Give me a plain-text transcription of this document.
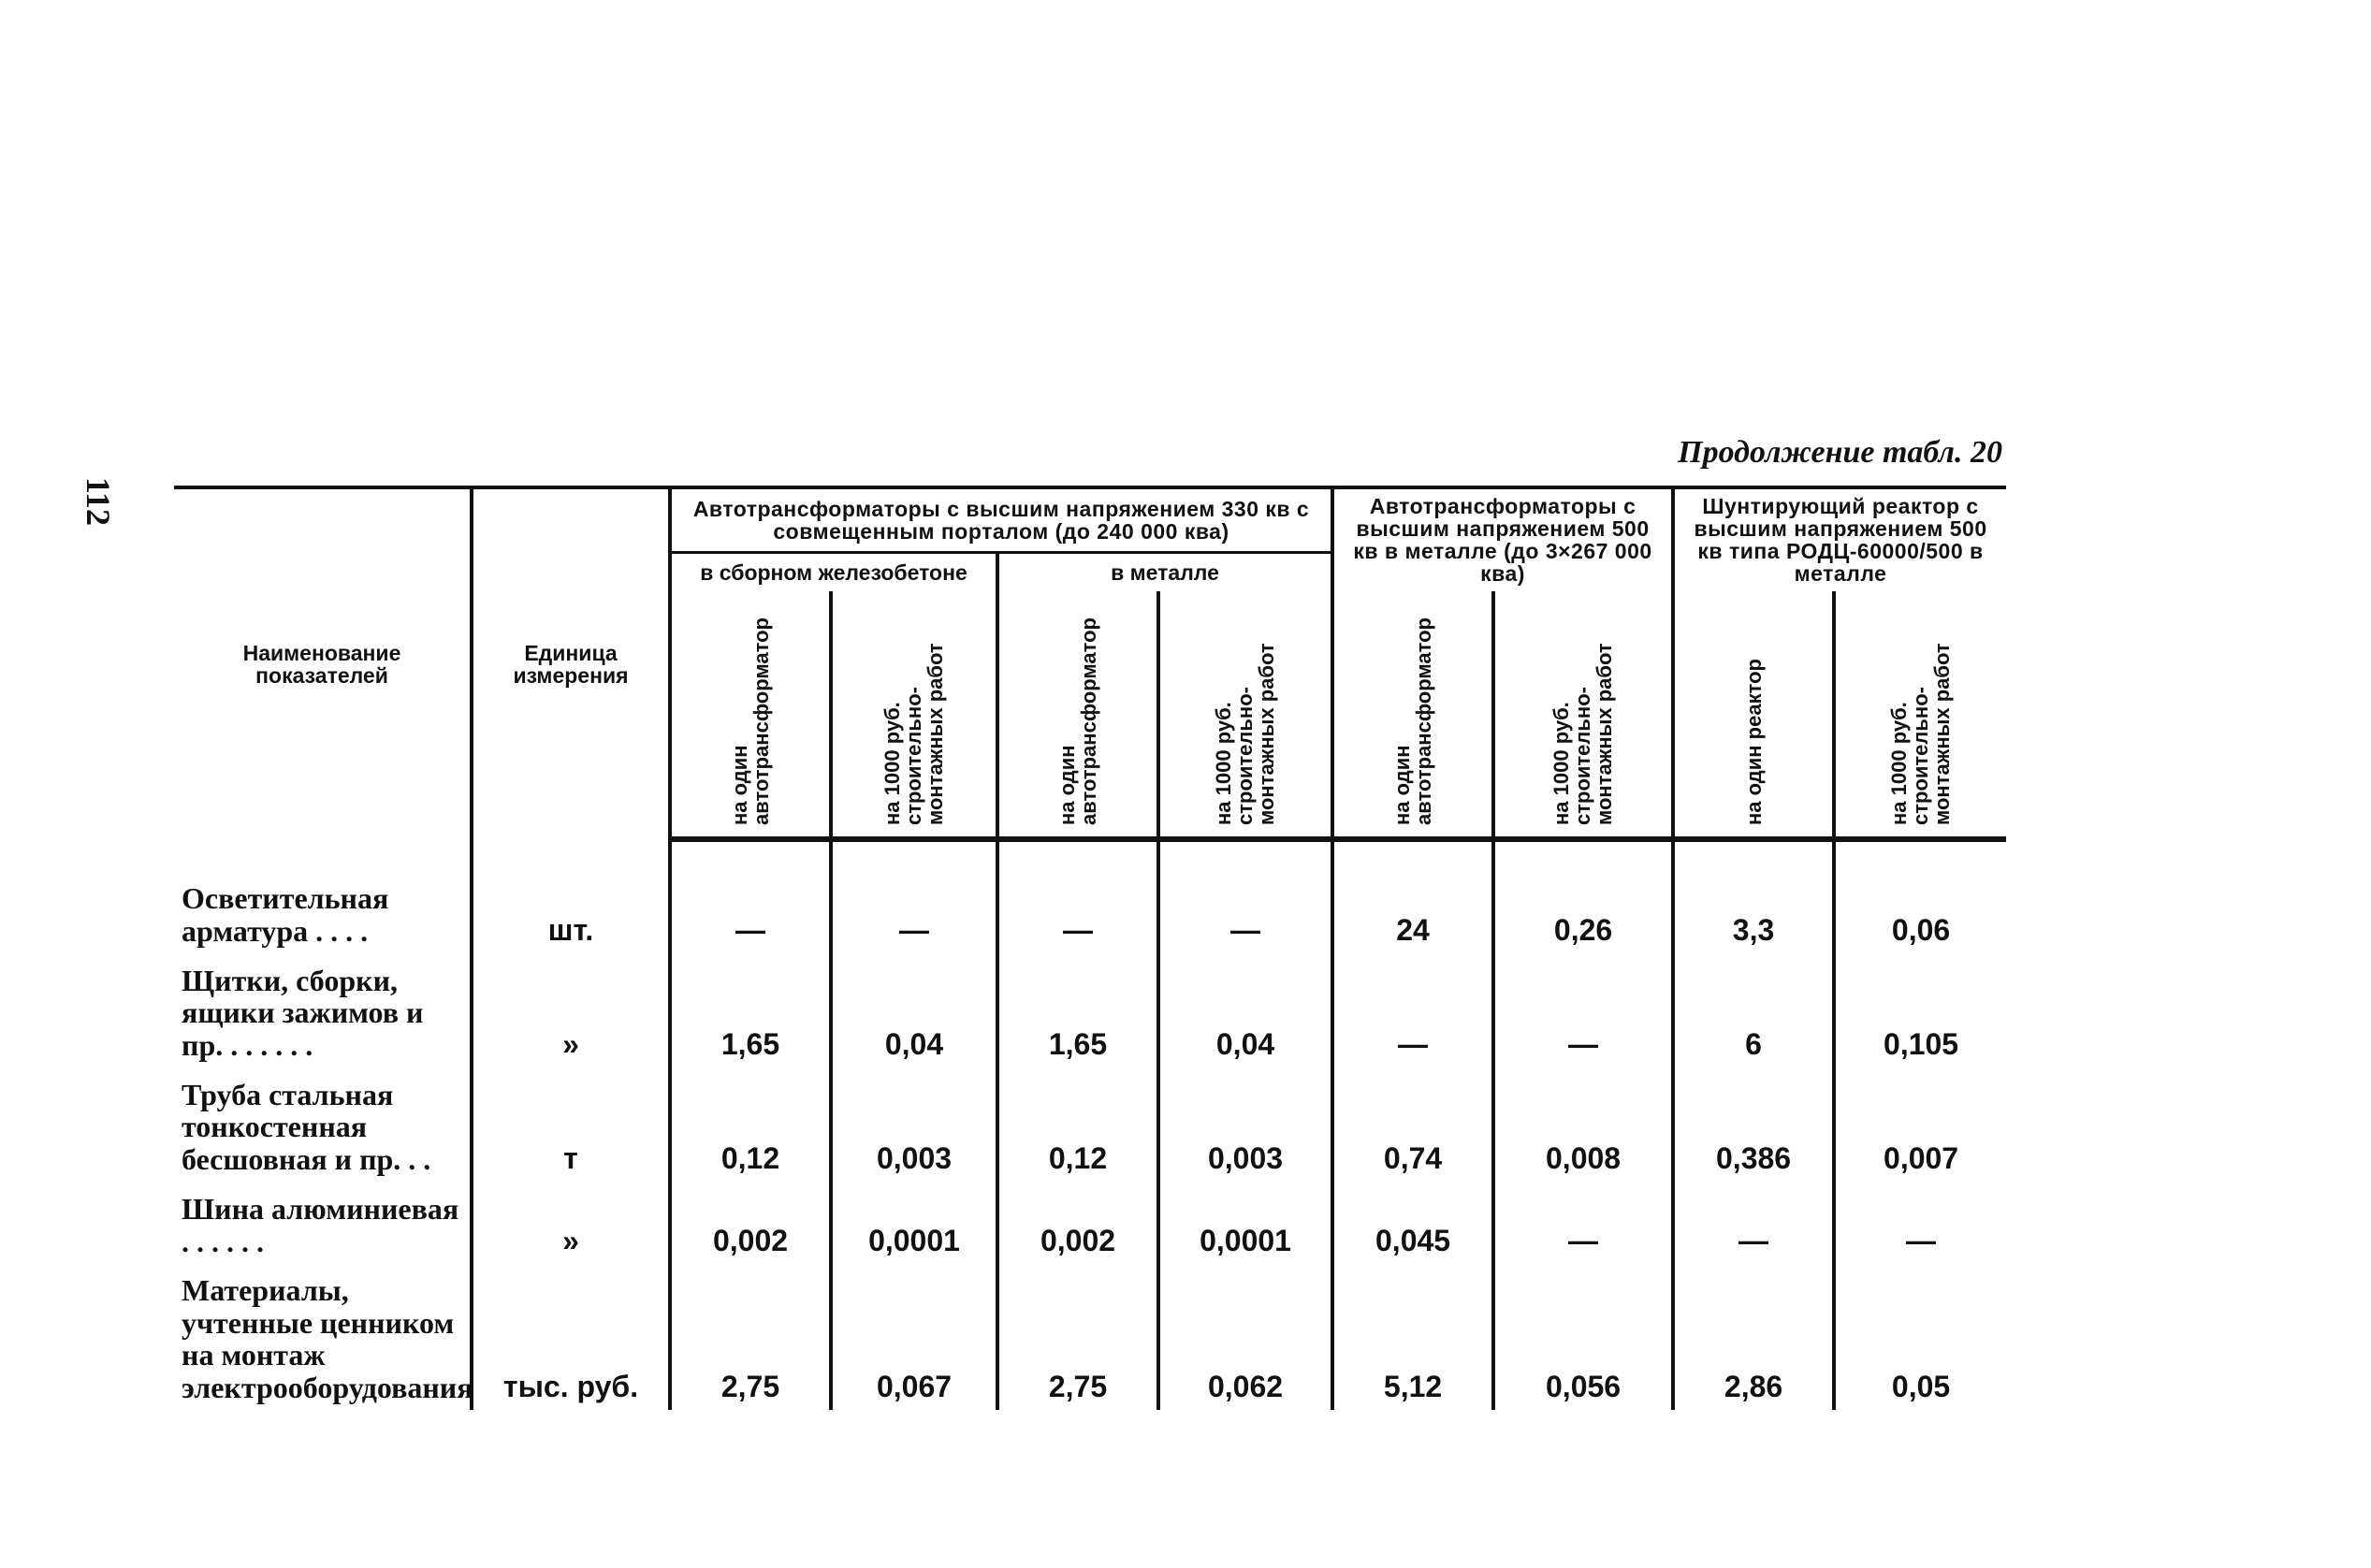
112
Продолжение табл. 20
Наименование показателей	Единица измерения	Автотрансформаторы с высшим напряжением 330 кв с совмещенным порталом (до 240 000 ква)				Автотрансформаторы с высшим напряжением 500 кв в металле (до 3×267 000 ква)		Шунтирующий реактор с высшим напряжением 500 кв типа РОДЦ-60000/500 в металле	
		в сборном железобетоне		в металле					

		на один автотрансформатор	на 1000 руб. строительно-монтажных работ	на один автотрансформатор	на 1000 руб. строительно-монтажных работ	на один автотрансформатор	на 1000 руб. строительно-монтажных работ	на один реактор	на 1000 руб. строительно-монтажных работ

Осветительная арматура . . . .	шт.	—	—	—	—	24	0,26	3,3	0,06
Щитки, сборки, ящики зажимов и пр. . . . . . .	»	1,65	0,04	1,65	0,04	—	—	6	0,105
Труба стальная тонкостенная бесшовная и пр. . .	т	0,12	0,003	0,12	0,003	0,74	0,008	0,386	0,007
Шина алюминиевая . . . . . .	»	0,002	0,0001	0,002	0,0001	0,045	—	—	—
Материалы, учтенные ценником на монтаж электрооборудования	тыс. руб.	2,75	0,067	2,75	0,062	5,12	0,056	2,86	0,05
